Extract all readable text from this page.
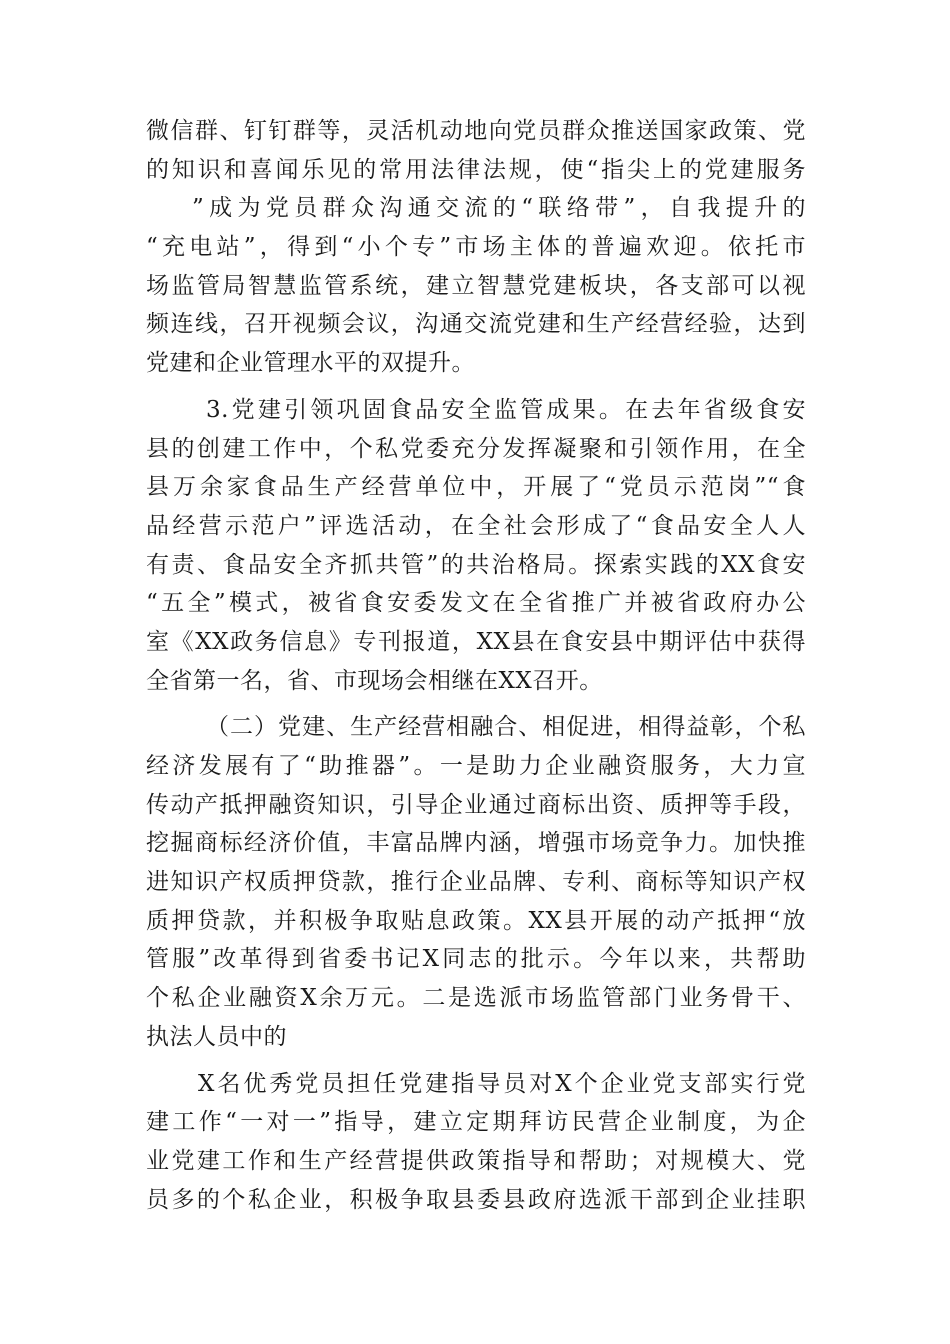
微信群、钉钉群等，灵活机动地向党员群众推送国家政策、党
的知识和喜闻乐见的常用法律法规，使“指尖上的党建服务
”成为党员群众沟通交流的“联络带”，自我提升的
“充电站”，得到“小个专”市场主体的普遍欢迎。依托市
场监管局智慧监管系统，建立智慧党建板块，各支部可以视
频连线，召开视频会议，沟通交流党建和生产经营经验，达到
党建和企业管理水平的双提升。
3.党建引领巩固食品安全监管成果。在去年省级食安
县的创建工作中，个私党委充分发挥凝聚和引领作用，在全
县万余家食品生产经营单位中，开展了“党员示范岗”“食
品经营示范户”评选活动，在全社会形成了“食品安全人人
有责、食品安全齐抓共管”的共治格局。探索实践的XX食安
“五全”模式，被省食安委发文在全省推广并被省政府办公
室《XX政务信息》专刊报道，XX县在食安县中期评估中获得
全省第一名，省、市现场会相继在XX召开。
（二）党建、生产经营相融合、相促进，相得益彰，个私
经济发展有了“助推器”。一是助力企业融资服务，大力宣
传动产抵押融资知识，引导企业通过商标出资、质押等手段，
挖掘商标经济价值，丰富品牌内涵，增强市场竞争力。加快推
进知识产权质押贷款，推行企业品牌、专利、商标等知识产权
质押贷款，并积极争取贴息政策。XX县开展的动产抵押“放
管服”改革得到省委书记X同志的批示。今年以来，共帮助
个私企业融资X余万元。二是选派市场监管部门业务骨干、
执法人员中的
X名优秀党员担任党建指导员对X个企业党支部实行党
建工作“一对一”指导，建立定期拜访民营企业制度，为企
业党建工作和生产经营提供政策指导和帮助；对规模大、党
员多的个私企业，积极争取县委县政府选派干部到企业挂职
